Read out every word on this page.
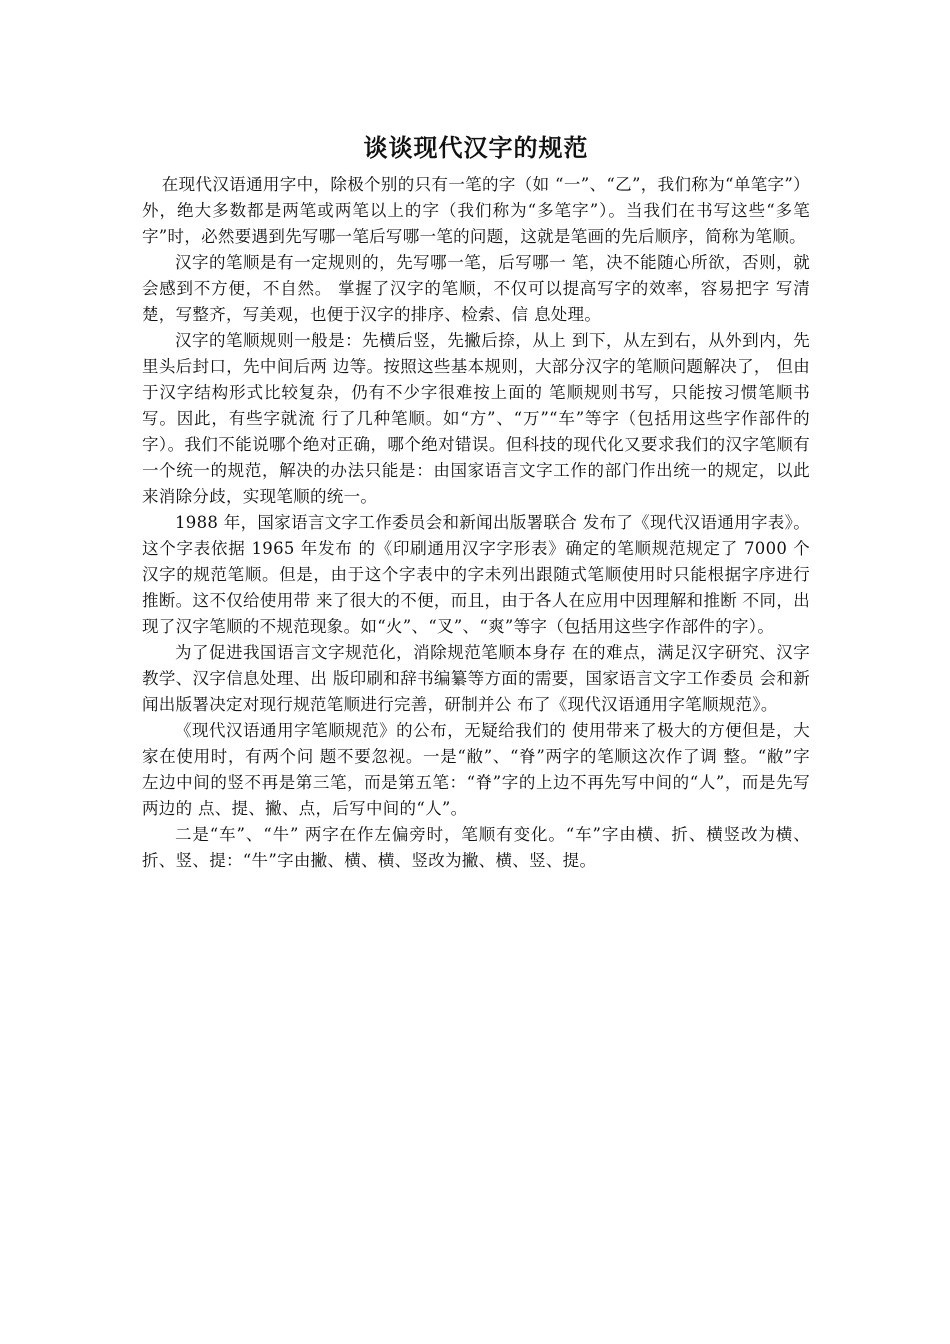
谈谈现代汉字的规范

在现代汉语通用字中，除极个别的只有一笔的字（如 “一”、“乙”，我们称为“单笔字”）外，绝大多数都是两笔或两笔以上的字（我们称为“多笔字”）。当我们在书写这些“多笔字”时，必然要遇到先写哪一笔后写哪一笔的问题，这就是笔画的先后顺序，简称为笔顺。

汉字的笔顺是有一定规则的，先写哪一笔，后写哪一 笔，决不能随心所欲，否则，就会感到不方便，不自然。 掌握了汉字的笔顺，不仅可以提高写字的效率，容易把字 写清楚，写整齐，写美观，也便于汉字的排序、检索、信 息处理。

汉字的笔顺规则一般是：先横后竖，先撇后捺，从上 到下，从左到右，从外到内，先里头后封口，先中间后两 边等。按照这些基本规则，大部分汉字的笔顺问题解决了， 但由于汉字结构形式比较复杂，仍有不少字很难按上面的 笔顺规则书写，只能按习惯笔顺书写。因此，有些字就流 行了几种笔顺。如“方”、“万”“车”等字（包括用这些字作部件的字）。我们不能说哪个绝对正确，哪个绝对错误。但科技的现代化又要求我们的汉字笔顺有一个统一的规范，解决的办法只能是：由国家语言文字工作的部门作出统一的规定，以此来消除分歧，实现笔顺的统一。

1988 年，国家语言文字工作委员会和新闻出版署联合 发布了《现代汉语通用字表》。这个字表依据 1965 年发布 的《印刷通用汉字字形表》确定的笔顺规范规定了 7000 个 汉字的规范笔顺。但是，由于这个字表中的字未列出跟随式笔顺使用时只能根据字序进行推断。这不仅给使用带 来了很大的不便，而且，由于各人在应用中因理解和推断 不同，出现了汉字笔顺的不规范现象。如“火”、“叉”、“爽”等字（包括用这些字作部件的字）。

为了促进我国语言文字规范化，消除规范笔顺本身存 在的难点，满足汉字研究、汉字教学、汉字信息处理、出 版印刷和辞书编纂等方面的需要，国家语言文字工作委员 会和新闻出版署决定对现行规范笔顺进行完善，研制并公 布了《现代汉语通用字笔顺规范》。

《现代汉语通用字笔顺规范》的公布，无疑给我们的 使用带来了极大的方便但是，大家在使用时，有两个问 题不要忽视。一是“敝”、“脊”两字的笔顺这次作了调 整。“敝”字左边中间的竖不再是第三笔，而是第五笔：“脊”字的上边不再先写中间的“人”，而是先写两边的 点、提、撇、点，后写中间的“人”。

二是“车”、“牛” 两字在作左偏旁时，笔顺有变化。“车”字由横、折、横竖改为横、折、竖、提：“牛”字由撇、横、横、竖改为撇、横、竖、提。
